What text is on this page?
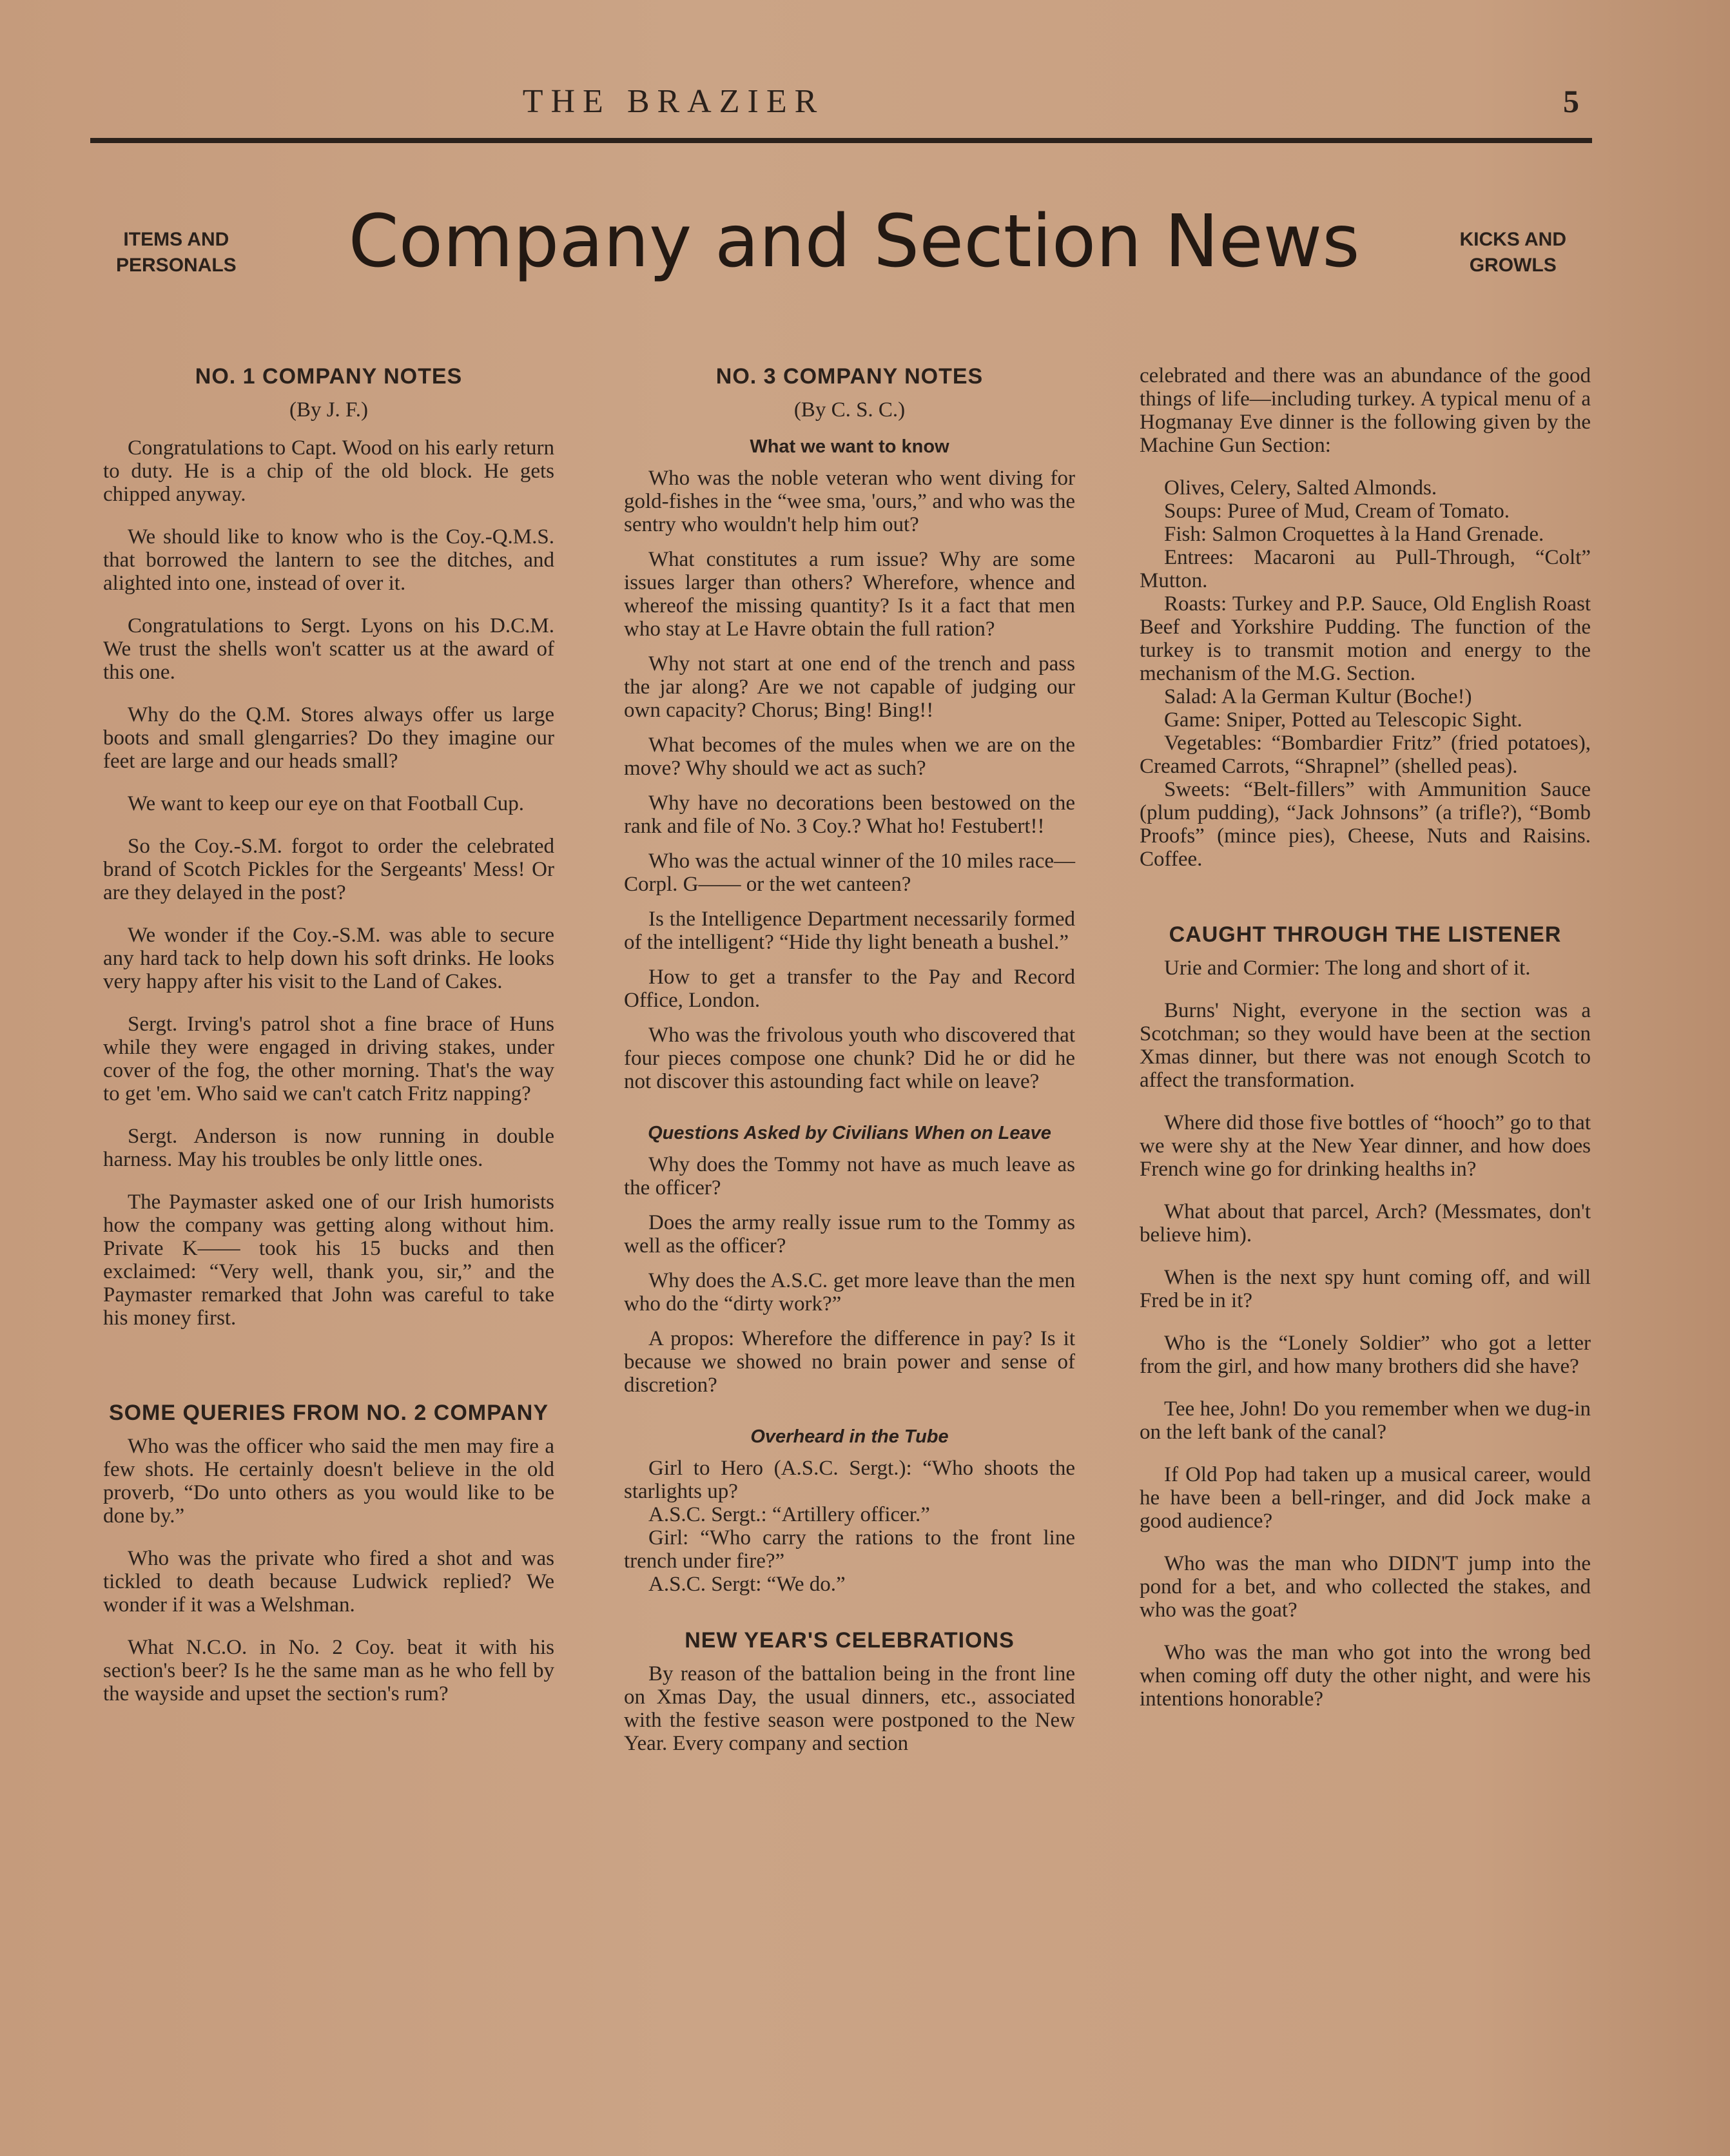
THE BRAZIER	5
ITEMS AND
PERSONALS	Company and Section News	KICKS AND
GROWLS
NO. 1 COMPANY NOTES

(By J. F.)

Congratulations to Capt. Wood on his early return to duty. He is a chip of the old block. He gets chipped anyway.

We should like to know who is the Coy.-Q.M.S. that borrowed the lantern to see the ditches, and alighted into one, instead of over it.

Congratulations to Sergt. Lyons on his D.C.M. We trust the shells won't scatter us at the award of this one.

Why do the Q.M. Stores always offer us large boots and small glengarries? Do they imagine our feet are large and our heads small?

We want to keep our eye on that Football Cup.

So the Coy.-S.M. forgot to order the celebrated brand of Scotch Pickles for the Sergeants' Mess! Or are they delayed in the post?

We wonder if the Coy.-S.M. was able to secure any hard tack to help down his soft drinks. He looks very happy after his visit to the Land of Cakes.

Sergt. Irving's patrol shot a fine brace of Huns while they were engaged in driving stakes, under cover of the fog, the other morning. That's the way to get 'em. Who said we can't catch Fritz napping?

Sergt. Anderson is now running in double harness. May his troubles be only little ones.

The Paymaster asked one of our Irish humorists how the company was getting along without him. Private K—— took his 15 bucks and then exclaimed: “Very well, thank you, sir,” and the Paymaster remarked that John was careful to take his money first.

SOME QUERIES FROM NO. 2 COMPANY

Who was the officer who said the men may fire a few shots. He certainly doesn't believe in the old proverb, “Do unto others as you would like to be done by.”

Who was the private who fired a shot and was tickled to death because Ludwick replied? We wonder if it was a Welshman.

What N.C.O. in No. 2 Coy. beat it with his section's beer? Is he the same man as he who fell by the wayside and upset the section's rum?

NO. 3 COMPANY NOTES

(By C. S. C.)

What we want to know

Who was the noble veteran who went diving for gold-fishes in the “wee sma, 'ours,” and who was the sentry who wouldn't help him out?

What constitutes a rum issue? Why are some issues larger than others? Wherefore, whence and whereof the missing quantity? Is it a fact that men who stay at Le Havre obtain the full ration?

Why not start at one end of the trench and pass the jar along? Are we not capable of judging our own capacity? Chorus; Bing! Bing!!

What becomes of the mules when we are on the move? Why should we act as such?

Why have no decorations been bestowed on the rank and file of No. 3 Coy.? What ho! Festubert!!

Who was the actual winner of the 10 miles race—Corpl. G—— or the wet canteen?

Is the Intelligence Department necessarily formed of the intelligent? “Hide thy light beneath a bushel.”

How to get a transfer to the Pay and Record Office, London.

Who was the frivolous youth who discovered that four pieces compose one chunk? Did he or did he not discover this astounding fact while on leave?

Questions Asked by Civilians When on Leave

Why does the Tommy not have as much leave as the officer?

Does the army really issue rum to the Tommy as well as the officer?

Why does the A.S.C. get more leave than the men who do the “dirty work?”

A propos: Wherefore the difference in pay? Is it because we showed no brain power and sense of discretion?

Overheard in the Tube

Girl to Hero (A.S.C. Sergt.): “Who shoots the starlights up?

A.S.C. Sergt.: “Artillery officer.”

Girl: “Who carry the rations to the front line trench under fire?”

A.S.C. Sergt: “We do.”

NEW YEAR'S CELEBRATIONS

By reason of the battalion being in the front line on Xmas Day, the usual dinners, etc., associated with the festive season were postponed to the New Year. Every company and section

celebrated and there was an abundance of the good things of life—including turkey. A typical menu of a Hogmanay Eve dinner is the following given by the Machine Gun Section:

Olives, Celery, Salted Almonds.

Soups: Puree of Mud, Cream of Tomato.

Fish: Salmon Croquettes à la Hand Grenade.

Entrees: Macaroni au Pull-Through, “Colt” Mutton.

Roasts: Turkey and P.P. Sauce, Old English Roast Beef and Yorkshire Pudding. The function of the turkey is to transmit motion and energy to the mechanism of the M.G. Section.

Salad: A la German Kultur (Boche!)

Game: Sniper, Potted au Telescopic Sight.

Vegetables: “Bombardier Fritz” (fried potatoes), Creamed Carrots, “Shrapnel” (shelled peas).

Sweets: “Belt-fillers” with Ammunition Sauce (plum pudding), “Jack Johnsons” (a trifle?), “Bomb Proofs” (mince pies), Cheese, Nuts and Raisins. Coffee.

CAUGHT THROUGH THE LISTENER

Urie and Cormier: The long and short of it.

Burns' Night, everyone in the section was a Scotchman; so they would have been at the section Xmas dinner, but there was not enough Scotch to affect the transformation.

Where did those five bottles of “hooch” go to that we were shy at the New Year dinner, and how does French wine go for drinking healths in?

What about that parcel, Arch? (Messmates, don't believe him).

When is the next spy hunt coming off, and will Fred be in it?

Who is the “Lonely Soldier” who got a letter from the girl, and how many brothers did she have?

Tee hee, John! Do you remember when we dug-in on the left bank of the canal?

If Old Pop had taken up a musical career, would he have been a bell-ringer, and did Jock make a good audience?

Who was the man who DIDN'T jump into the pond for a bet, and who collected the stakes, and who was the goat?

Who was the man who got into the wrong bed when coming off duty the other night, and were his intentions honorable?
